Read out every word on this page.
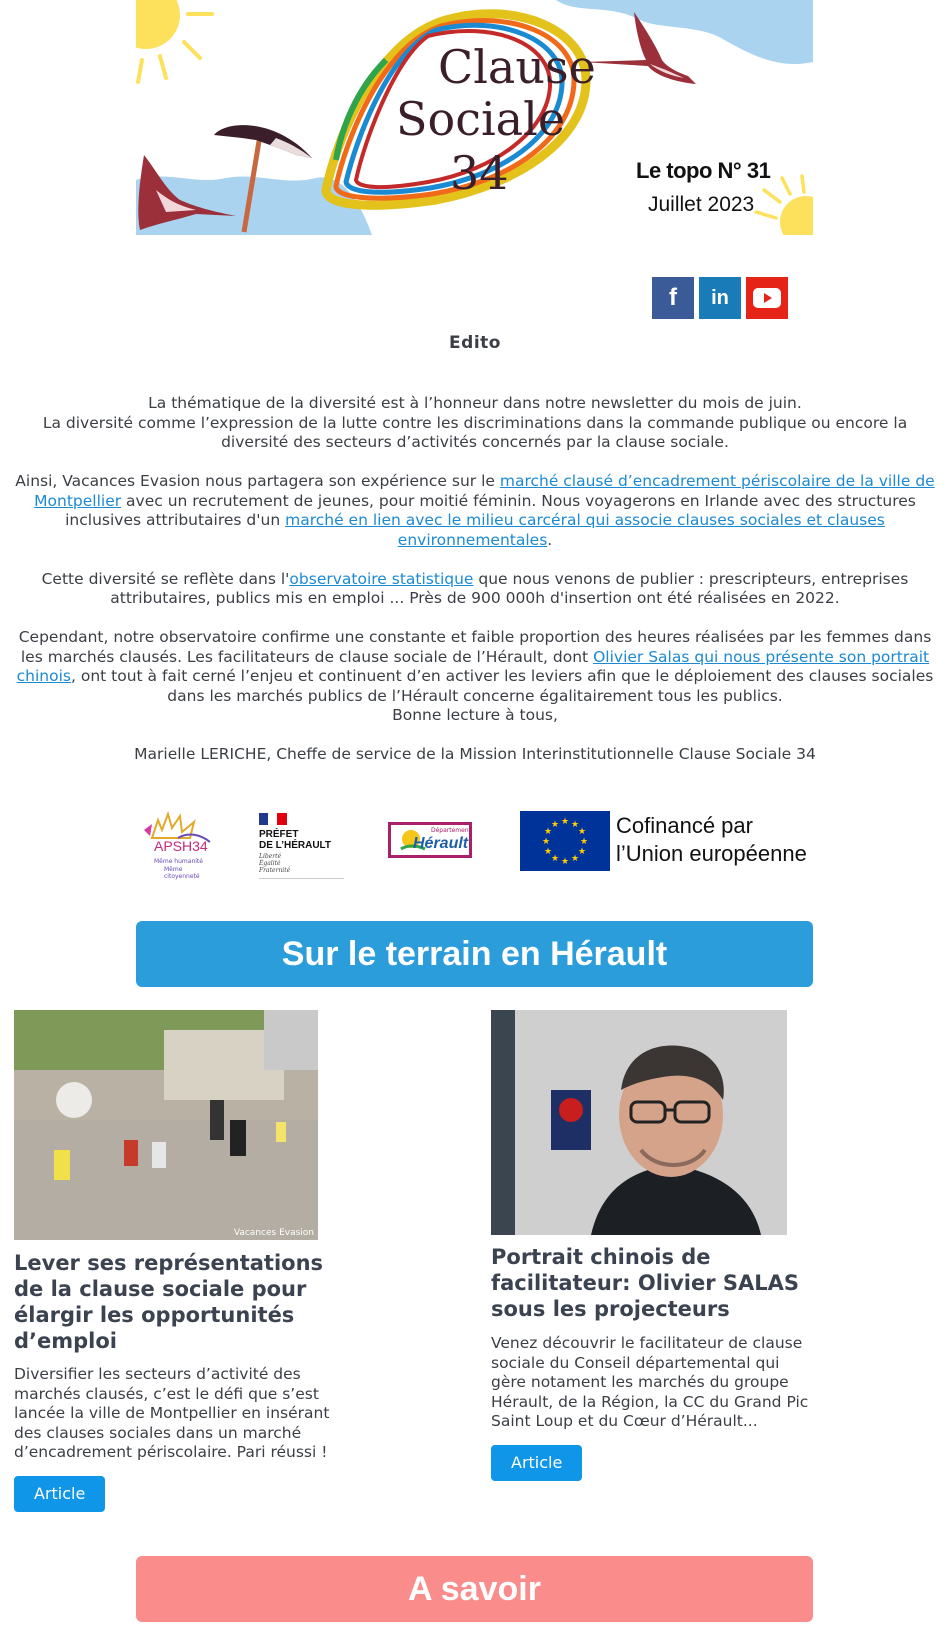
Clause
Sociale
34	Le topo N° 31
Juillet 2023
f	in
Edito

La thématique de la diversité est à l’honneur dans notre newsletter du mois de juin.
La diversité comme l’expression de la lutte contre les discriminations dans la commande publique ou encore la diversité des secteurs d’activités concernés par la clause sociale.

Ainsi, Vacances Evasion nous partagera son expérience sur le marché clausé d’encadrement périscolaire de la ville de Montpellier avec un recrutement de jeunes, pour moitié féminin. Nous voyagerons en Irlande avec des structures inclusives attributaires d'un marché en lien avec le milieu carcéral qui associe clauses sociales et clauses environnementales.

Cette diversité se reflète dans l'observatoire statistique que nous venons de publier : prescripteurs, entreprises attributaires, publics mis en emploi ... Près de 900 000h d'insertion ont été réalisées en 2022.

Cependant, notre observatoire confirme une constante et faible proportion des heures réalisées par les femmes dans les marchés clausés. Les facilitateurs de clause sociale de l’Hérault, dont Olivier Salas qui nous présente son portrait chinois, ont tout à fait cerné l’enjeu et continuent d’en activer les leviers afin que le déploiement des clauses sociales dans les marchés publics de l’Hérault concerne égalitairement tous les publics.
Bonne lecture à tous,

Marielle LERICHE, Cheffe de service de la Mission Interinstitutionnelle Clause Sociale 34

APSH34
Même humanité
Même citoyenneté
PRÉFET
DE L’HÉRAULT
Liberté
Égalité
Fraternité
Département
Hérault
★ ★
★
★
★
★
★
★
★
★
★
★	Cofinancé par
l’Union européenne
Sur le terrain en Hérault
Vacances Evasion
Lever ses représentations de la clause sociale pour élargir les opportunités d’emploi

Diversifier les secteurs d’activité des marchés clausés, c’est le défi que s’est lancée la ville de Montpellier en insérant des clauses sociales dans un marché d’encadrement périscolaire. Pari réussi !

Article
Portrait chinois de facilitateur: Olivier SALAS sous les projecteurs

Venez découvrir le facilitateur de clause sociale du Conseil départemental qui gère notament les marchés du groupe Hérault, de la Région, la CC du Grand Pic Saint Loup et du Cœur d’Hérault...

Article
A savoir
